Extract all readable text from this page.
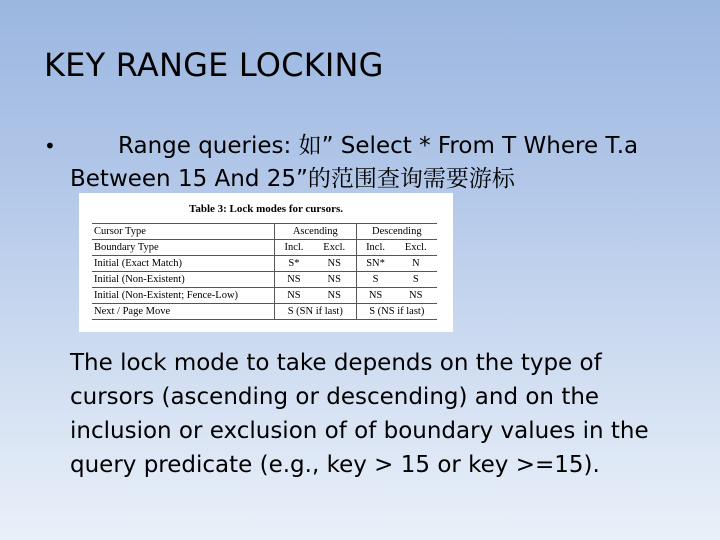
KEY RANGE LOCKING
•	Range queries: 如” Select * From T Where T.a Between 15 And 25”的范围查询需要游标
Table 3: Lock modes for cursors.
Cursor Type	Ascending		Descending	
Boundary Type	Incl.	Excl.	Incl.	Excl.
Initial (Exact Match)	S*	NS	SN*	N
Initial (Non-Existent)	NS	NS	S	S
Initial (Non-Existent; Fence-Low)	NS	NS	NS	NS
Next / Page Move	S (SN if last)		S (NS if last)	
The lock mode to take depends on the type of cursors (ascending or descending) and on the inclusion or exclusion of of boundary values in the query predicate (e.g., key > 15 or key >=15).
